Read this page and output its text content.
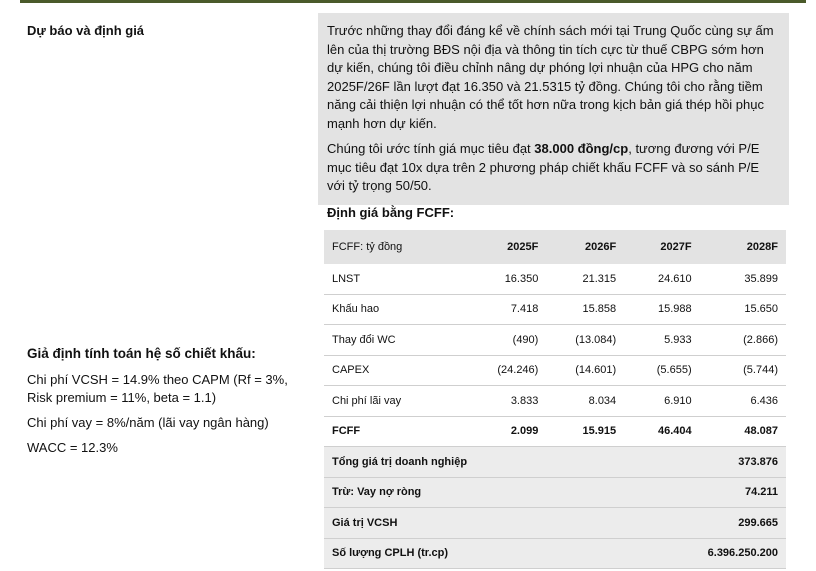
Dự báo và định giá	Trước những thay đổi đáng kể về chính sách mới tại Trung Quốc cùng sự ấm lên của thị trường BĐS nội địa và thông tin tích cực từ thuế CBPG sớm hơn dự kiến, chúng tôi điều chỉnh nâng dự phóng lợi nhuận của HPG cho năm 2025F/26F lần lượt đạt 16.350 và 21.5315 tỷ đồng. Chúng tôi cho rằng tiềm năng cải thiện lợi nhuận có thể tốt hơn nữa trong kịch bản giá thép hồi phục mạnh hơn dự kiến.

Chúng tôi ước tính giá mục tiêu đạt 38.000 đồng/cp, tương đương với P/E mục tiêu đạt 10x dựa trên 2 phương pháp chiết khấu FCFF và so sánh P/E với tỷ trọng 50/50.

Giả định tính toán hệ số chiết khấu:

Chi phí VCSH = 14.9% theo CAPM (Rf = 3%, Risk premium = 11%, beta = 1.1)

Chi phí vay = 8%/năm (lãi vay ngân hàng)

WACC = 12.3%

Định giá bằng FCFF:
FCFF: tỷ đồng	2025F	2026F	2027F	2028F
LNST	16.350	21.315	24.610	35.899
Khấu hao	7.418	15.858	15.988	15.650
Thay đổi WC	(490)	(13.084)	5.933	(2.866)
CAPEX	(24.246)	(14.601)	(5.655)	(5.744)
Chi phí lãi vay	3.833	8.034	6.910	6.436
FCFF	2.099	15.915	46.404	48.087
Tổng giá trị doanh nghiệp				373.876
Trừ: Vay nợ ròng				74.211
Giá trị VCSH				299.665
Số lượng CPLH (tr.cp)				6.396.250.200
